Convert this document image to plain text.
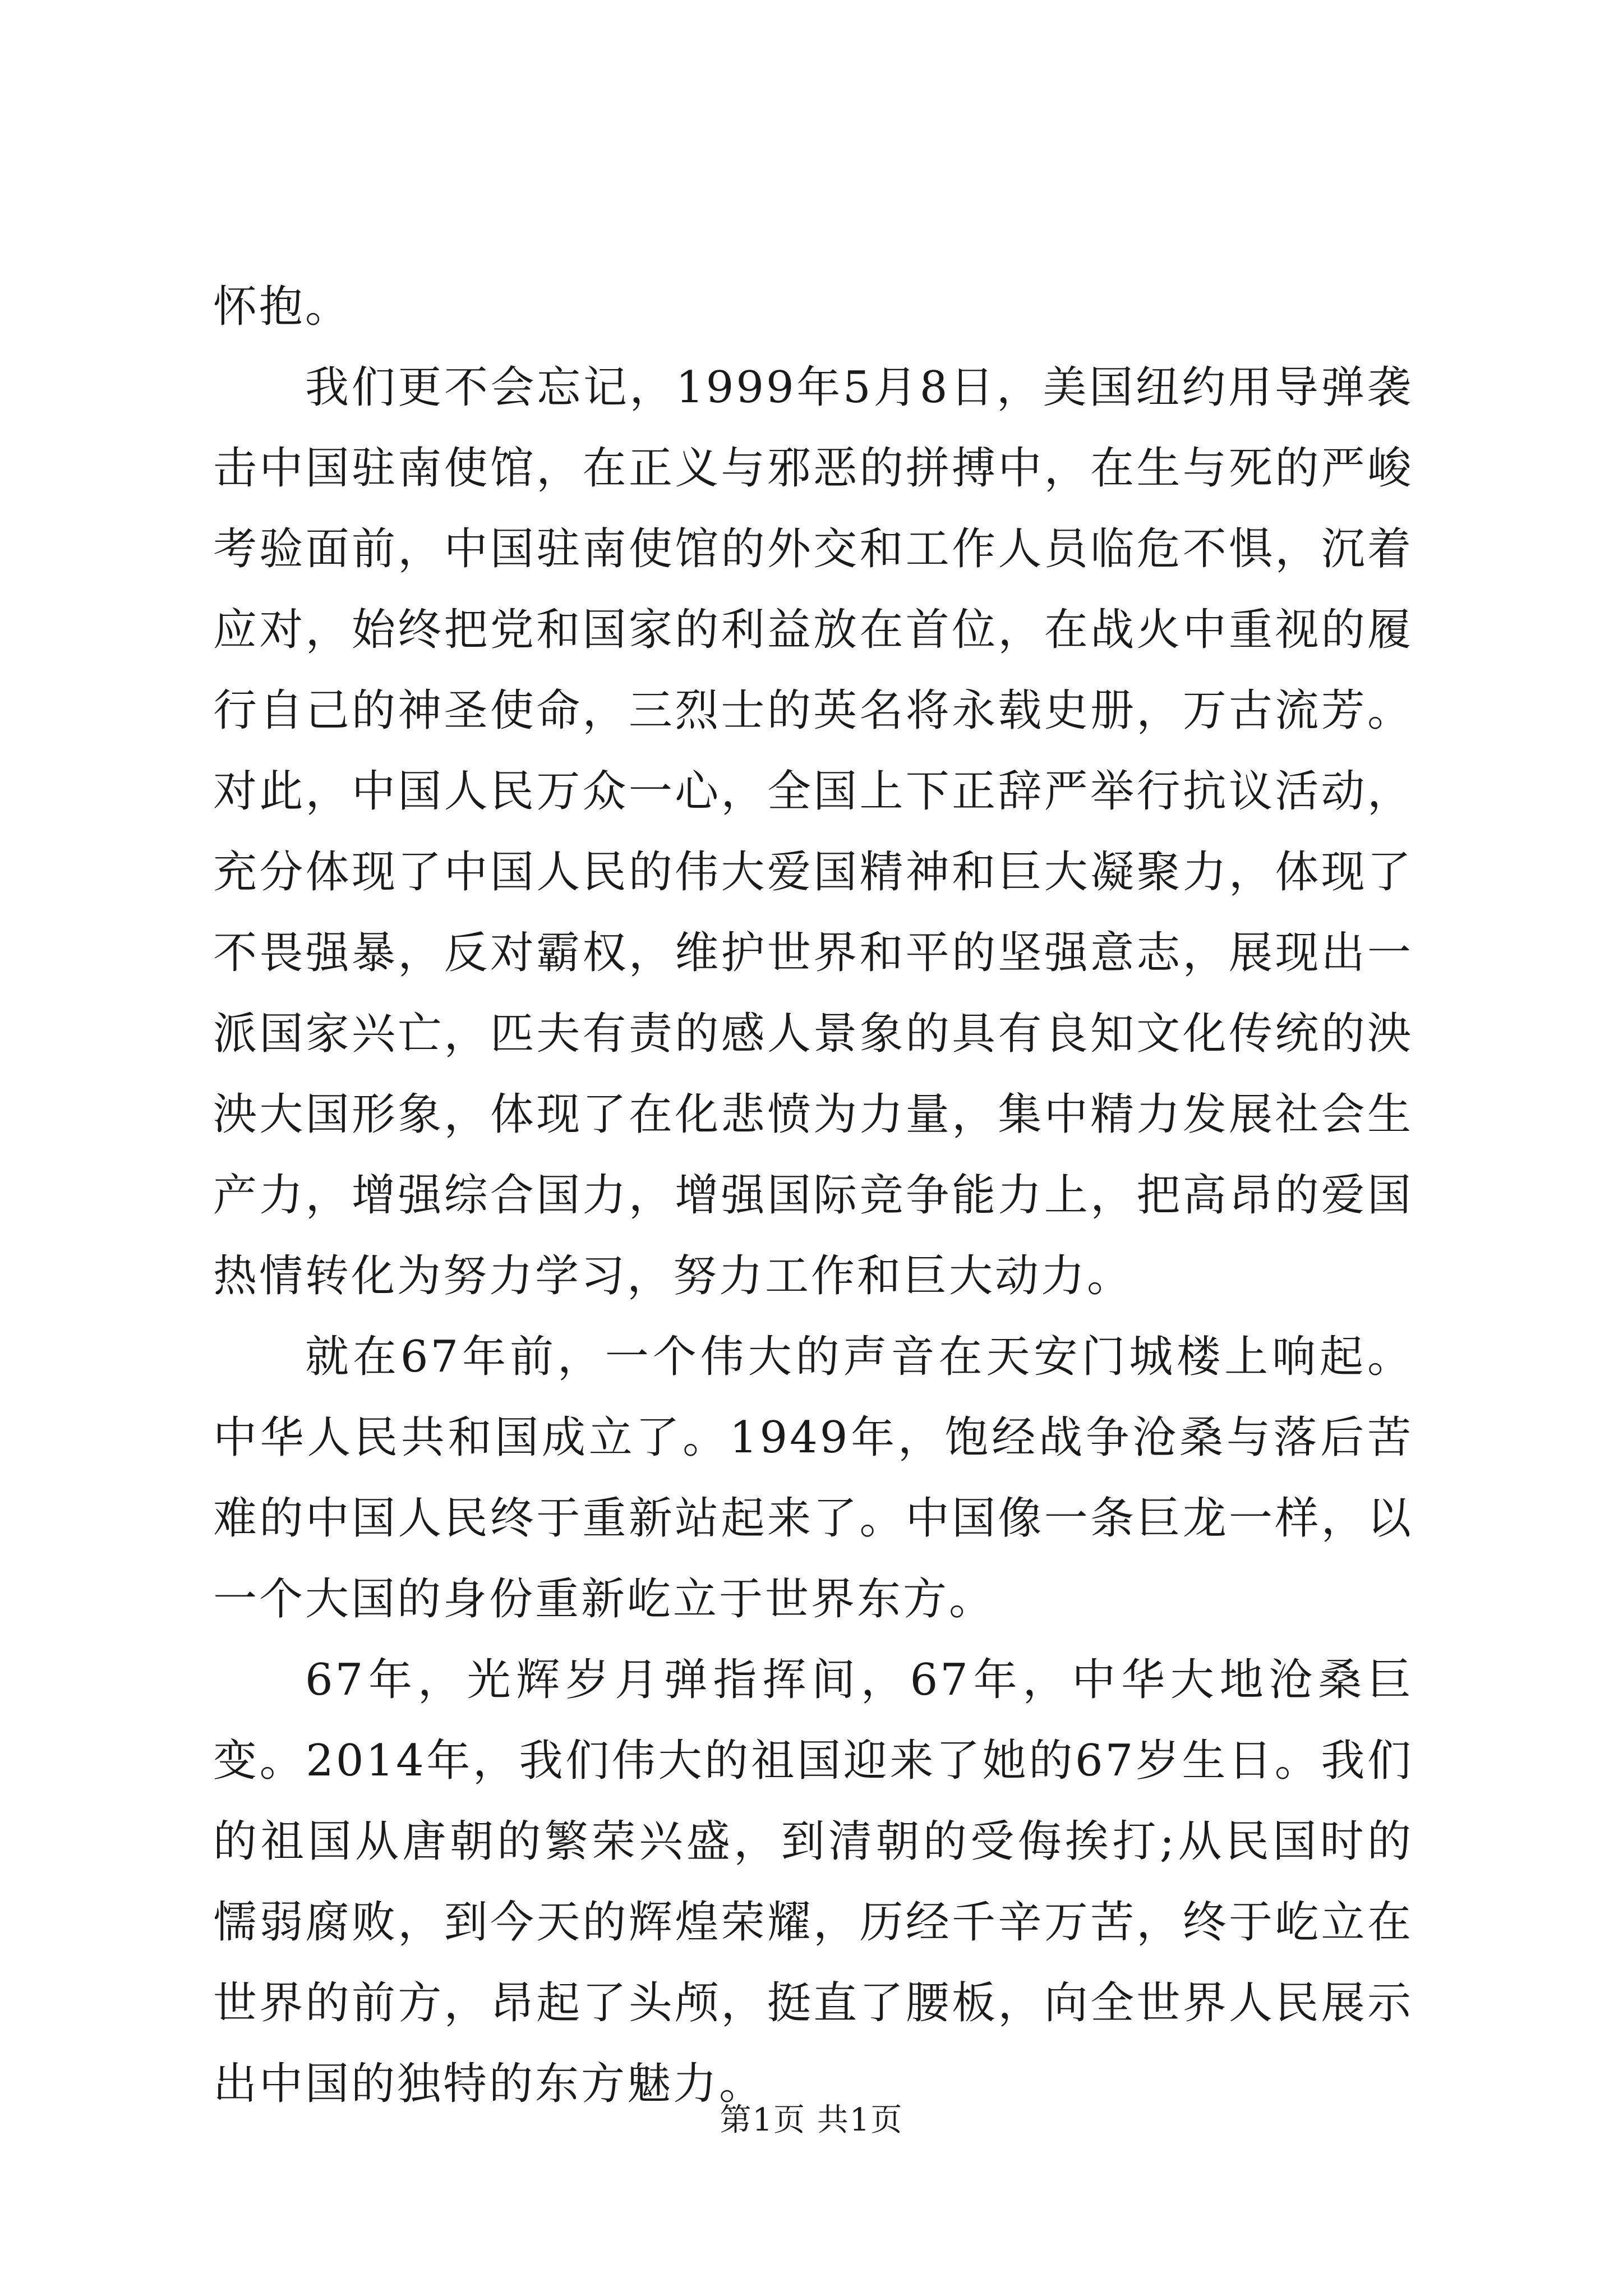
怀抱。

我们更不会忘记，1999年5月8日，美国纽约用导弹袭击中国驻南使馆，在正义与邪恶的拼搏中，在生与死的严峻考验面前，中国驻南使馆的外交和工作人员临危不惧，沉着应对，始终把党和国家的利益放在首位，在战火中重视的履行自己的神圣使命，三烈士的英名将永载史册，万古流芳。对此，中国人民万众一心，全国上下正辞严举行抗议活动，充分体现了中国人民的伟大爱国精神和巨大凝聚力，体现了不畏强暴，反对霸权，维护世界和平的坚强意志，展现出一派国家兴亡，匹夫有责的感人景象的具有良知文化传统的泱泱大国形象，体现了在化悲愤为力量，集中精力发展社会生产力，增强综合国力，增强国际竞争能力上，把高昂的爱国热情转化为努力学习，努力工作和巨大动力。

就在67年前，一个伟大的声音在天安门城楼上响起。中华人民共和国成立了。1949年，饱经战争沧桑与落后苦难的中国人民终于重新站起来了。中国像一条巨龙一样，以一个大国的身份重新屹立于世界东方。

67年，光辉岁月弹指挥间，67年，中华大地沧桑巨变。2014年，我们伟大的祖国迎来了她的67岁生日。我们的祖国从唐朝的繁荣兴盛，到清朝的受侮挨打;从民国时的懦弱腐败，到今天的辉煌荣耀，历经千辛万苦，终于屹立在世界的前方，昂起了头颅，挺直了腰板，向全世界人民展示出中国的独特的东方魅力。

第1页 共1页
